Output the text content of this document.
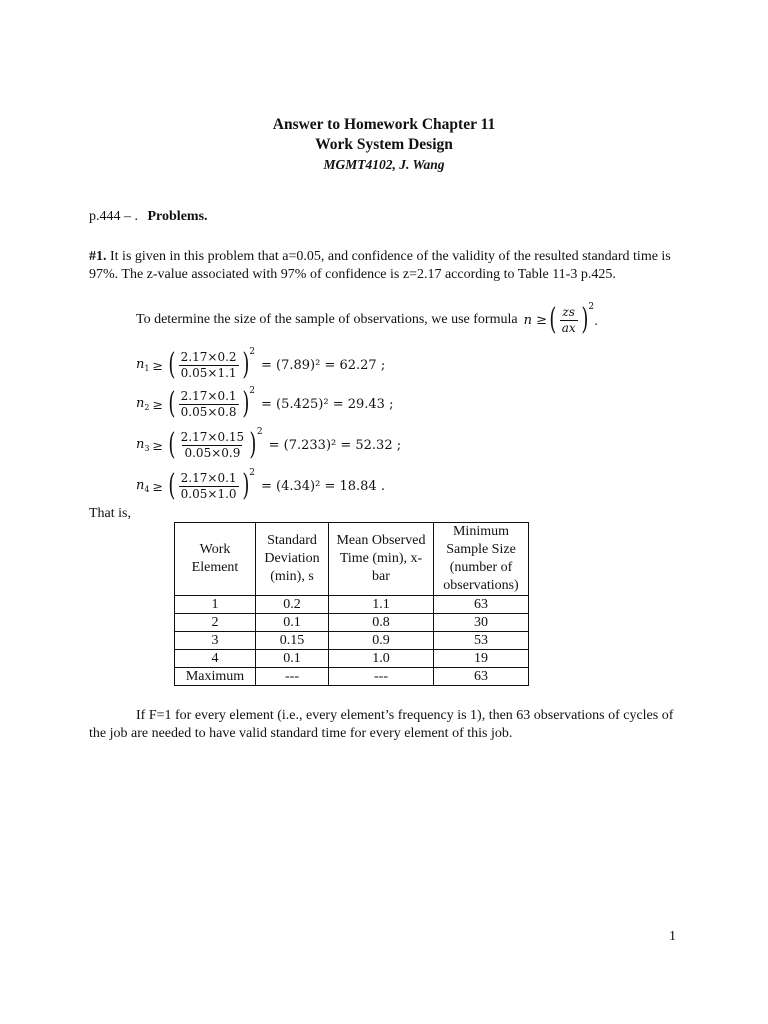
Answer to Homework Chapter 11
Work System Design
MGMT4102, J. Wang
p.444 – . Problems.
#1. It is given in this problem that a=0.05, and confidence of the validity of the resulted standard time is 97%. The z-value associated with 97% of confidence is z=2.17 according to Table 11-3 p.425.
To determine the size of the sample of observations, we use formula n ≥ ( $\frac{zs}{ax}$ ) 2
.
$n_1$ ≥ ( $\frac{2.17\times 0.2}{0.05\times 1.1}$ ) 2
= (7.89)² = 62.27 ;
$n_2$ ≥ ( $\frac{2.17\times 0.1}{0.05\times 0.8}$ ) 2
= (5.425)² = 29.43 ;
$n_3$ ≥ ( $\frac{2.17\times 0.15}{0.05\times 0.9}$ ) 2
= (7.233)² = 52.32 ;
$n_4$ ≥ ( $\frac{2.17\times 0.1}{0.05\times 1.0}$ ) 2
= (4.34)² = 18.84 .
That is,
Work Element	Standard Deviation (min), s	Mean Observed Time (min), x-bar	Minimum Sample Size (number of observations)
1	0.2	1.1	63
2	0.1	0.8	30
3	0.15	0.9	53
4	0.1	1.0	19
Maximum	---	---	63
If F=1 for every element (i.e., every element’s frequency is 1), then 63 observations of cycles of the job are needed to have valid standard time for every element of this job.
1
